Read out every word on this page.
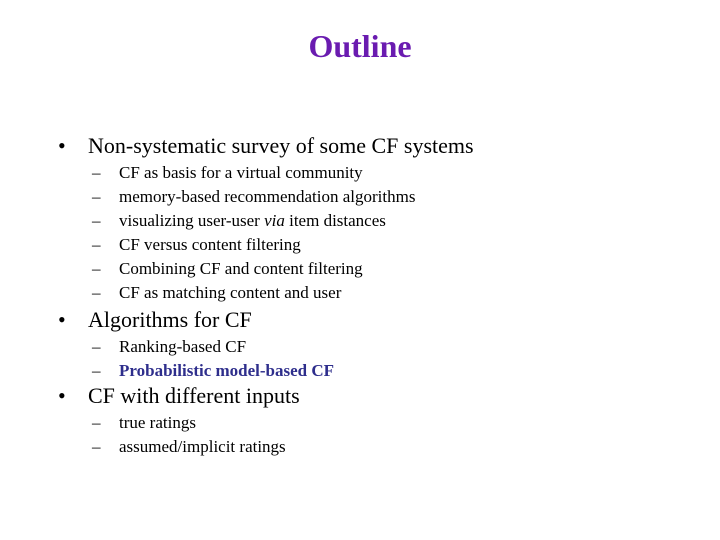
Outline
•	Non-systematic survey of some CF systems
–	CF as basis for a virtual community
–	memory-based recommendation algorithms
–	visualizing user-user via item distances
–	CF versus content filtering
–	Combining CF and content filtering
–	CF as matching content and user
•	Algorithms for CF
–	Ranking-based CF
–	Probabilistic model-based CF
•	CF with different inputs
–	true ratings
–	assumed/implicit ratings
